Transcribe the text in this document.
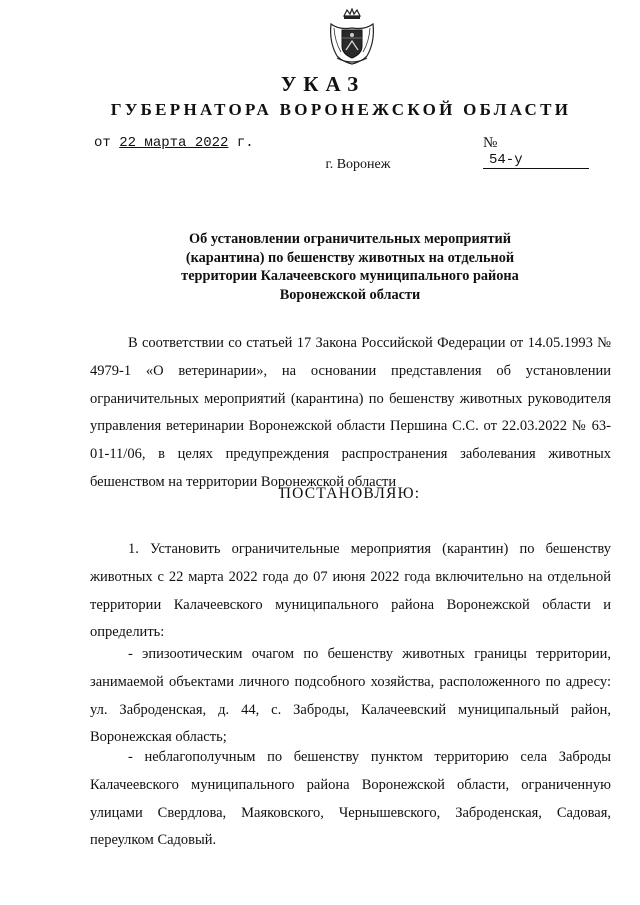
УКАЗ
ГУБЕРНАТОРА ВОРОНЕЖСКОЙ ОБЛАСТИ
от 22 марта 2022 г.	№ 54-у
г. Воронеж
Об установлении ограничительных мероприятий (карантина) по бешенству животных на отдельной территории Калачеевского муниципального района Воронежской области
В соответствии со статьей 17 Закона Российской Федерации от 14.05.1993 № 4979-1 «О ветеринарии», на основании представления об установлении ограничительных мероприятий (карантина) по бешенству животных руководителя управления ветеринарии Воронежской области Першина С.С. от 22.03.2022 № 63-01-11/06, в целях предупреждения распространения заболевания животных бешенством на территории Воронежской области
ПОСТАНОВЛЯЮ:
1. Установить ограничительные мероприятия (карантин) по бешенству животных с 22 марта 2022 года до 07 июня 2022 года включительно на отдельной территории Калачеевского муниципального района Воронежской области и определить:
- эпизоотическим очагом по бешенству животных границы территории, занимаемой объектами личного подсобного хозяйства, расположенного по адресу: ул. Заброденская, д. 44, с. Заброды, Калачеевский муниципальный район, Воронежская область;
- неблагополучным по бешенству пунктом территорию села Заброды Калачеевского муниципального района Воронежской области, ограниченную улицами Свердлова, Маяковского, Чернышевского, Заброденская, Садовая, переулком Садовый.
